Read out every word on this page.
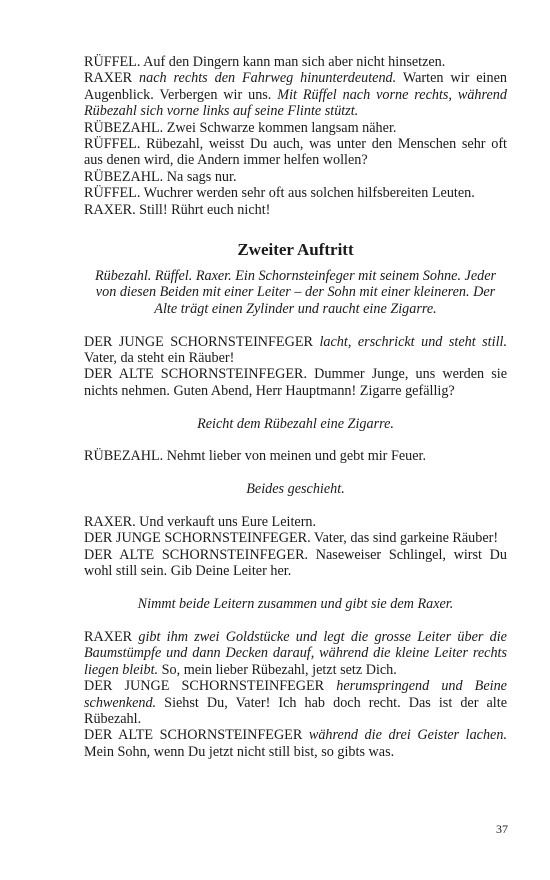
RÜFFEL. Auf den Dingern kann man sich aber nicht hinsetzen.

RAXER nach rechts den Fahrweg hinunterdeutend. Warten wir einen Augenblick. Verbergen wir uns. Mit Rüffel nach vorne rechts, während Rübezahl sich vorne links auf seine Flinte stützt.

RÜBEZAHL. Zwei Schwarze kommen langsam näher.

RÜFFEL. Rübezahl, weisst Du auch, was unter den Menschen sehr oft aus denen wird, die Andern immer helfen wollen?

RÜBEZAHL. Na sags nur.

RÜFFEL. Wuchrer werden sehr oft aus solchen hilfsbereiten Leuten.

RAXER. Still! Rührt euch nicht!

Zweiter Auftritt

Rübezahl. Rüffel. Raxer. Ein Schornsteinfeger mit seinem Sohne. Jeder von diesen Beiden mit einer Leiter – der Sohn mit einer kleineren. Der Alte trägt einen Zylinder und raucht eine Zigarre.

DER JUNGE SCHORNSTEINFEGER lacht, erschrickt und steht still. Vater, da steht ein Räuber!

DER ALTE SCHORNSTEINFEGER. Dummer Junge, uns werden sie nichts nehmen. Guten Abend, Herr Hauptmann! Zigarre gefällig?

Reicht dem Rübezahl eine Zigarre.

RÜBEZAHL. Nehmt lieber von meinen und gebt mir Feuer.

Beides geschieht.

RAXER. Und verkauft uns Eure Leitern.

DER JUNGE SCHORNSTEINFEGER. Vater, das sind garkeine Räuber!

DER ALTE SCHORNSTEINFEGER. Naseweiser Schlingel, wirst Du wohl still sein. Gib Deine Leiter her.

Nimmt beide Leitern zusammen und gibt sie dem Raxer.

RAXER gibt ihm zwei Goldstücke und legt die grosse Leiter über die Baumstümpfe und dann Decken darauf, während die kleine Leiter rechts liegen bleibt. So, mein lieber Rübezahl, jetzt setz Dich.

DER JUNGE SCHORNSTEINFEGER herumspringend und Beine schwenkend. Siehst Du, Vater! Ich hab doch recht. Das ist der alte Rübezahl.

DER ALTE SCHORNSTEINFEGER während die drei Geister lachen. Mein Sohn, wenn Du jetzt nicht still bist, so gibts was.

37
